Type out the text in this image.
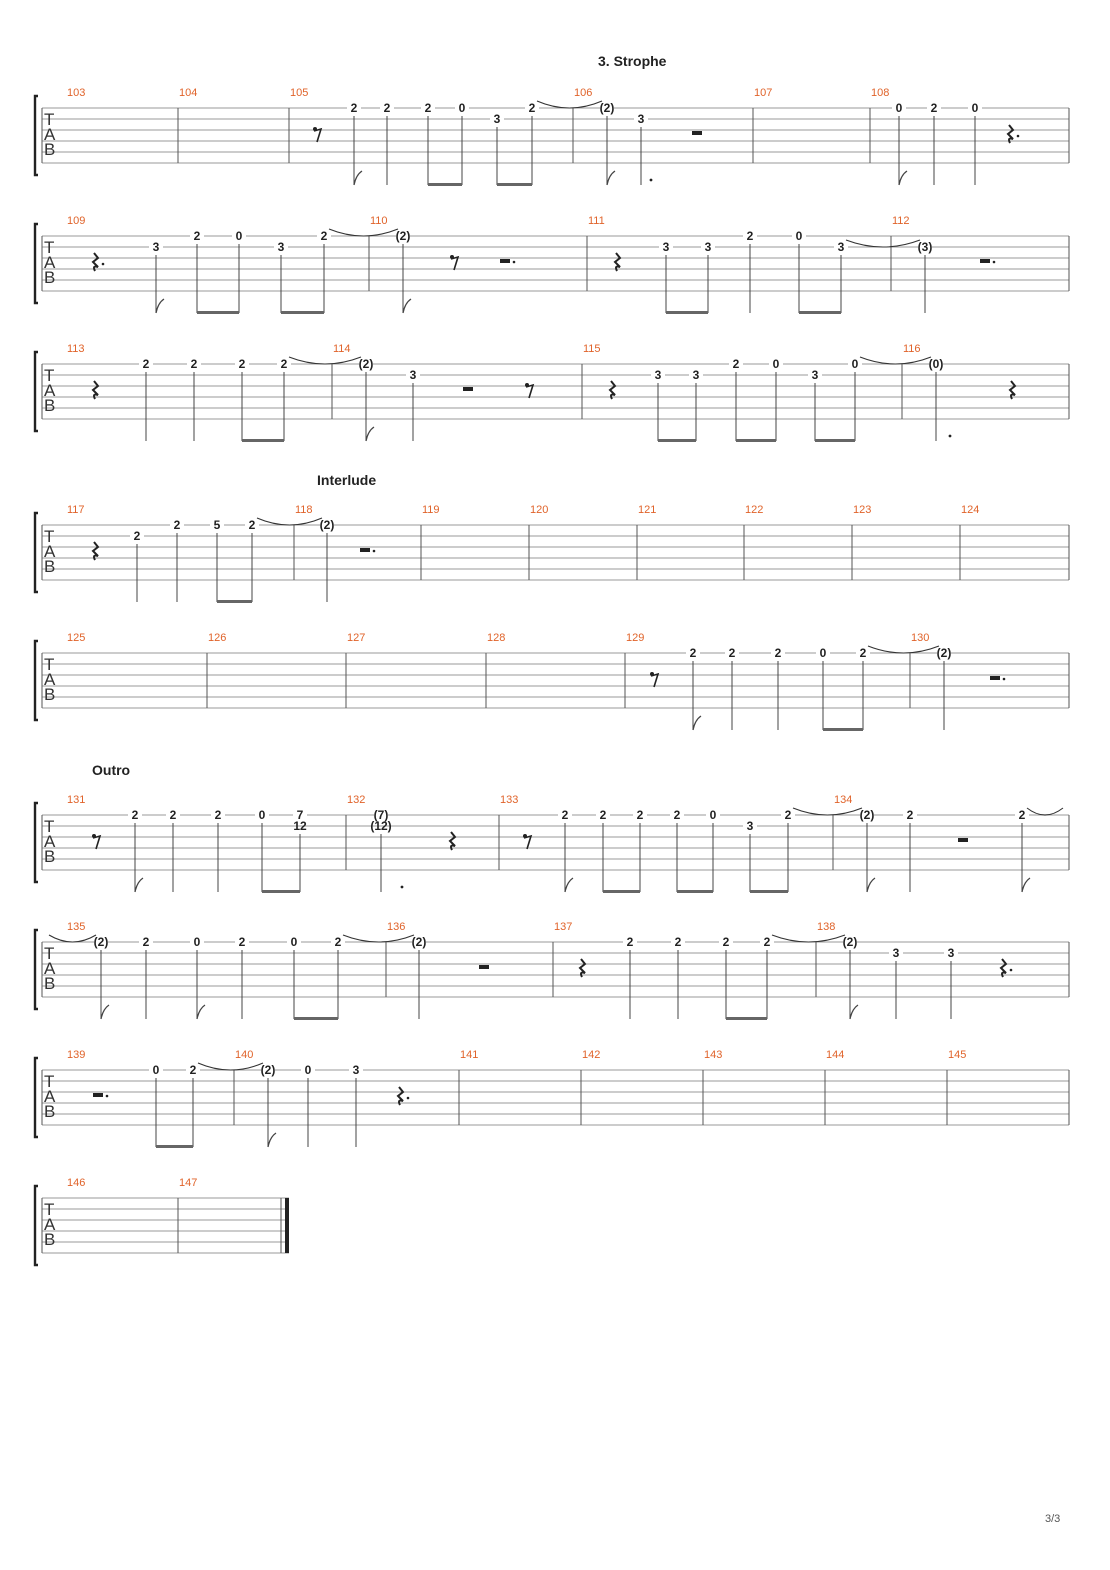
T
A
B
103	104	105	106	107	108
3. Strophe
2 2	2 0
3
2	(2)
3
0 2	0
T
A
B
109	110	111	112
3
2	0
3
2	(2)
3	3
2	0
3	(3)
T
A
B
113	114	115	116
2	2	2	2	(2)
3	3	3
2	0
3
0	(0)
T
A
B
117	118	119	120	121	122	123	124
Interlude
2
2	5 2	(2)
T
A
B
125	126	127	128	129	130
2	2	2	0	2	(2)
T
A
B
131	132	133	134
Outro
2	2	2	0	7
12
(7)
(12)
2	2	2	2 0
3
2	(2)	2	2
T
A
B
135	136	137	138
(2)	2	0	2	0	2	(2)	2	2	2	2	(2)
3	3
T
A
B
139	140	141	142	143	144	145
0	2	(2) 0	3
T
A
B
146	147
3/3
